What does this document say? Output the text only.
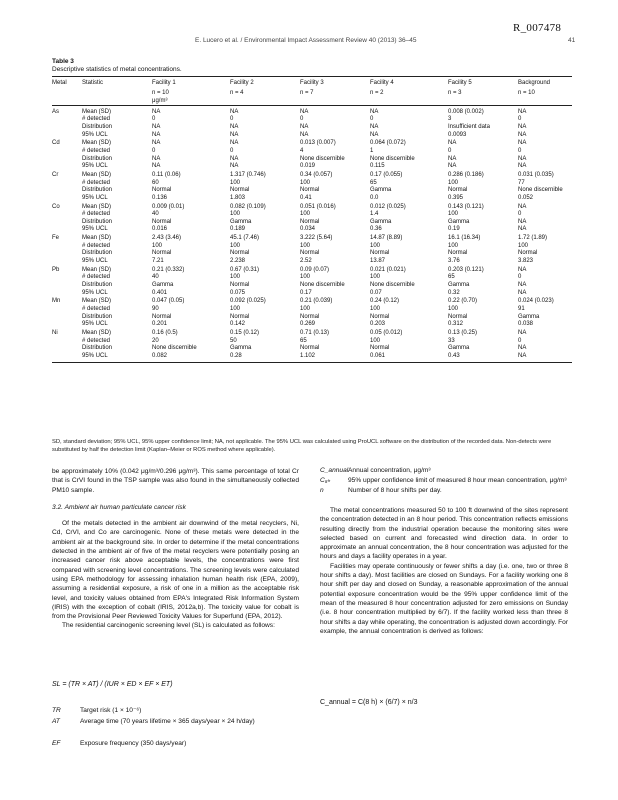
R_007478
E. Lucero et al. / Environmental Impact Assessment Review 40 (2013) 36–45	41
Table 3
Descriptive statistics of metal concentrations.
Metal	Statistic	Facility 1	Facility 2	Facility 3	Facility 4	Facility 5	Background
n = 10	n = 4	n = 7	n = 2	n = 3	n = 10
μg/m³
As	Mean (SD)	NA	NA	NA	NA	0.008 (0.002)	NA
# detected	0	0	0	0	3	0
Distribution	NA	NA	NA	NA	Insufficient data	NA
95% UCL	NA	NA	NA	NA	0.0093	NA
Cd	Mean (SD)	NA	NA	0.013 (0.007)	0.064 (0.072)	NA	NA
# detected	0	0	4	1	0	0
Distribution	NA	NA	None discernible	None discernible	NA	NA
95% UCL	NA	NA	0.019	0.115	NA	NA
Cr	Mean (SD)	0.11 (0.06)	1.317 (0.746)	0.34 (0.057)	0.17 (0.055)	0.286 (0.186)	0.031 (0.035)
# detected	60	100	100	65	100	77
Distribution	Normal	Normal	Normal	Gamma	Normal	None discernible
95% UCL	0.136	1.803	0.41	0.0	0.395	0.052
Co	Mean (SD)	0.009 (0.01)	0.082 (0.109)	0.051 (0.016)	0.012 (0.025)	0.143 (0.121)	NA
# detected	40	100	100	1.4	100	0
Distribution	Normal	Gamma	Normal	Gamma	Gamma	NA
95% UCL	0.016	0.189	0.034	0.36	0.19	NA
Fe	Mean (SD)	2.43 (3.46)	45.1 (7.46)	3.222 (5.64)	14.87 (8.89)	16.1 (16.34)	1.72 (1.89)
# detected	100	100	100	100	100	100
Distribution	Normal	Normal	Normal	Normal	Normal	Normal
95% UCL	7.21	2.238	2.52	13.87	3.76	3.823
Pb	Mean (SD)	0.21 (0.332)	0.67 (0.31)	0.09 (0.07)	0.021 (0.021)	0.203 (0.121)	NA
# detected	40	100	100	100	65	0
Distribution	Gamma	Normal	None discernible	None discernible	Gamma	NA
95% UCL	0.401	0.075	0.17	0.07	0.32	NA
Mn	Mean (SD)	0.047 (0.05)	0.092 (0.025)	0.21 (0.039)	0.24 (0.12)	0.22 (0.70)	0.024 (0.023)
# detected	90	100	100	100	100	91
Distribution	Normal	Normal	Normal	Normal	Normal	Gamma
95% UCL	0.201	0.142	0.269	0.203	0.312	0.038
Ni	Mean (SD)	0.16 (0.5)	0.15 (0.12)	0.71 (0.13)	0.05 (0.012)	0.13 (0.25)	NA
# detected	20	50	65	100	33	0
Distribution	None discernible	Gamma	Normal	Normal	Gamma	NA
95% UCL	0.082	0.28	1.102	0.061	0.43	NA
SD, standard deviation; 95% UCL, 95% upper confidence limit; NA, not applicable. The 95% UCL was calculated using ProUCL software on the distribution of the recorded data. Non-detects were substituted by half the detection limit (Kaplan–Meier or ROS method where applicable).

be approximately 10% (0.042 μg/m³/0.296 μg/m³). This same percentage of total Cr that is CrVI found in the TSP sample was also found in the simultaneously collected PM10 sample.

3.2. Ambient air human particulate cancer risk

Of the metals detected in the ambient air downwind of the metal recyclers, Ni, Cd, CrVI, and Co are carcinogenic. None of these metals were detected in the ambient air at the background site. In order to determine if the metal concentrations detected in the ambient air of five of the metal recyclers were potentially posing an increased cancer risk above acceptable levels, the concentrations were first compared with screening level concentrations. The screening levels were calculated using EPA methodology for assessing inhalation human health risk (EPA, 2009), assuming a residential exposure, a risk of one in a million as the acceptable risk level, and toxicity values obtained from EPA's Integrated Risk Information System (IRIS) with the exception of cobalt (IRIS, 2012a,b). The toxicity value for cobalt is from the Provisional Peer Reviewed Toxicity Values for Superfund (EPA, 2012).

The residential carcinogenic screening level (SL) is calculated as follows:

SL = (TR × AT) / (IUR × ED × EF × ET)
TR	Target risk (1 × 10⁻⁶)
AT	Average time (70 years lifetime × 365 days/year × 24 h/day)
EF	Exposure frequency (350 days/year)
C_annual Annual concentration, μg/m³
C₈ₕ	95% upper confidence limit of measured 8 hour mean concentration, μg/m³
n	Number of 8 hour shifts per day.

The metal concentrations measured 50 to 100 ft downwind of the sites represent the concentration detected in an 8 hour period. This concentration reflects emissions resulting directly from the industrial operation because the monitoring sites were selected based on current and forecasted wind direction data. In order to approximate an annual concentration, the 8 hour concentration was adjusted for the hours and days a facility operates in a year.

Facilities may operate continuously or fewer shifts a day (i.e. one, two or three 8 hour shifts a day). Most facilities are closed on Sundays. For a facility working one 8 hour shift per day and closed on Sunday, a reasonable approximation of the annual potential exposure concentration would be the 95% upper confidence limit of the mean of the measured 8 hour concentration adjusted for zero emissions on Sunday (i.e. 8 hour concentration multiplied by 6/7). If the facility worked less than three 8 hour shifts a day while operating, the concentration is adjusted down accordingly. For example, the annual concentration is derived as follows:

C_annual = C(8 h) × (6/7) × n/3
